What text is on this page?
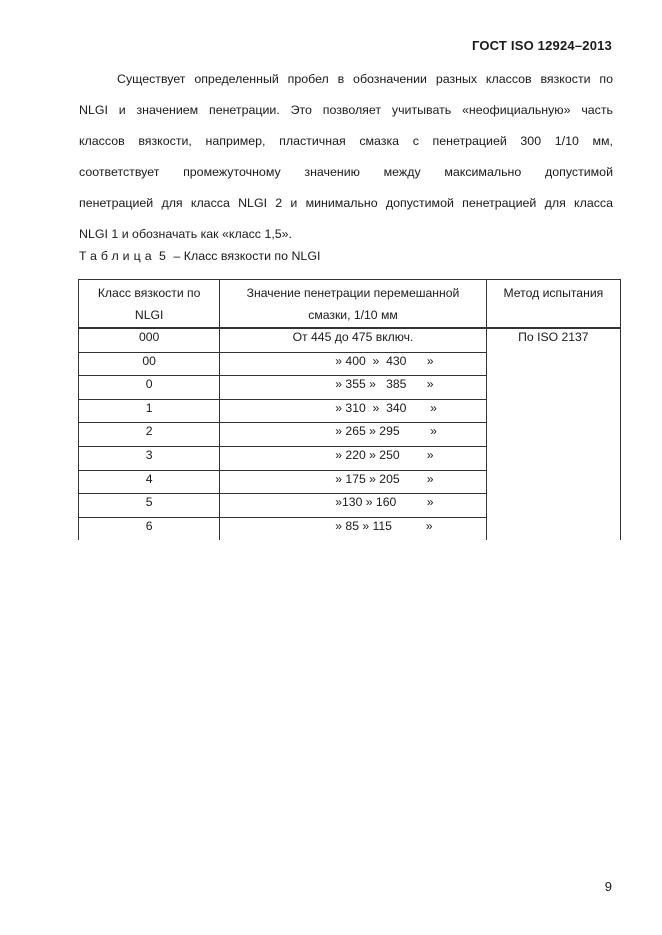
ГОСТ ISO 12924–2013
Существует определенный пробел в обозначении разных классов вязкости по
NLGI и значением пенетрации. Это позволяет учитывать «неофициальную» часть
классов вязкости, например, пластичная смазка с пенетрацией 300 1/10 мм,
соответствует промежуточному значению между максимально допустимой
пенетрацией для класса NLGI 2 и минимально допустимой пенетрацией для класса
NLGI 1 и обозначать как «класс 1,5».
Таблица 5 – Класс вязкости по NLGI
Класс вязкости по NLGI	Значение пенетрации перемешанной смазки, 1/10 мм	Метод испытания
000	От 445 до 475 включ.	По ISO 2137
00	» 400  »  430      »	
0	» 355 »   385      »	
1	» 310  »  340       »	
2	» 265 » 295         »	
3	» 220 » 250        »	
4	» 175 » 205        »	
5	»130 » 160         »	
6	» 85 » 115          »	
9
